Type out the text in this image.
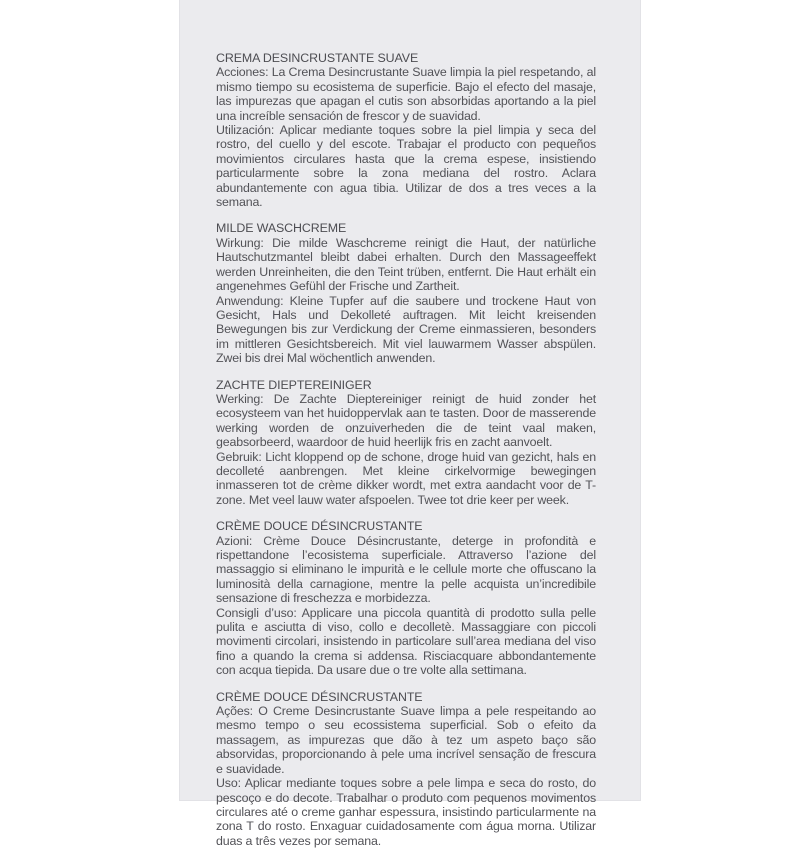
CREMA DESINCRUSTANTE SUAVE

Acciones: La Crema Desincrustante Suave limpia la piel respetando, al mismo tiempo su ecosistema de superficie. Bajo el efecto del masaje, las impurezas que apagan el cutis son absorbidas aportando a la piel una increíble sensación de frescor y de suavidad.

Utilización: Aplicar mediante toques sobre la piel limpia y seca del rostro, del cuello y del escote. Trabajar el producto con pequeños movimientos circulares hasta que la crema espese, insistiendo particularmente sobre la zona mediana del rostro. Aclara abundantemente con agua tibia. Utilizar de dos a tres veces a la semana.

MILDE WASCHCREME

Wirkung: Die milde Waschcreme reinigt die Haut, der natürliche Hautschutzmantel bleibt dabei erhalten. Durch den Massageeffekt werden Unreinheiten, die den Teint trüben, entfernt. Die Haut erhält ein angenehmes Gefühl der Frische und Zartheit.

Anwendung: Kleine Tupfer auf die saubere und trockene Haut von Gesicht, Hals und Dekolleté auftragen. Mit leicht kreisenden Bewegungen bis zur Verdickung der Creme einmassieren, besonders im mittleren Gesichtsbereich. Mit viel lauwarmem Wasser abspülen. Zwei bis drei Mal wöchentlich anwenden.

ZACHTE DIEPTEREINIGER

Werking: De Zachte Dieptereiniger reinigt de huid zonder het ecosysteem van het huidoppervlak aan te tasten. Door de masserende werking worden de onzuiverheden die de teint vaal maken, geabsorbeerd, waardoor de huid heerlijk fris en zacht aanvoelt.

Gebruik: Licht kloppend op de schone, droge huid van gezicht, hals en decolleté aanbrengen. Met kleine cirkelvormige bewegingen inmasseren tot de crème dikker wordt, met extra aandacht voor de T-zone. Met veel lauw water afspoelen. Twee tot drie keer per week.

CRÈME DOUCE DÉSINCRUSTANTE

Azioni: Crème Douce Désincrustante, deterge in profondità e rispettandone l’ecosistema superficiale. Attraverso l’azione del massaggio si eliminano le impurità e le cellule morte che offuscano la luminosità della carnagione, mentre la pelle acquista un’incredibile sensazione di freschezza e morbidezza.

Consigli d’uso: Applicare una piccola quantità di prodotto sulla pelle pulita e asciutta di viso, collo e decolletè. Massaggiare con piccoli movimenti circolari, insistendo in particolare sull’area mediana del viso fino a quando la crema si addensa. Risciacquare abbondantemente con acqua tiepida. Da usare due o tre volte alla settimana.

CRÈME DOUCE DÉSINCRUSTANTE

Ações: O Creme Desincrustante Suave limpa a pele respeitando ao mesmo tempo o seu ecossistema superficial. Sob o efeito da massagem, as impurezas que dão à tez um aspeto baço são absorvidas, proporcionando à pele uma incrível sensação de frescura e suavidade.

Uso: Aplicar mediante toques sobre a pele limpa e seca do rosto, do pescoço e do decote. Trabalhar o produto com pequenos movimentos circulares até o creme ganhar espessura, insistindo particularmente na zona T do rosto. Enxaguar cuidadosamente com água morna. Utilizar duas a três vezes por semana.
